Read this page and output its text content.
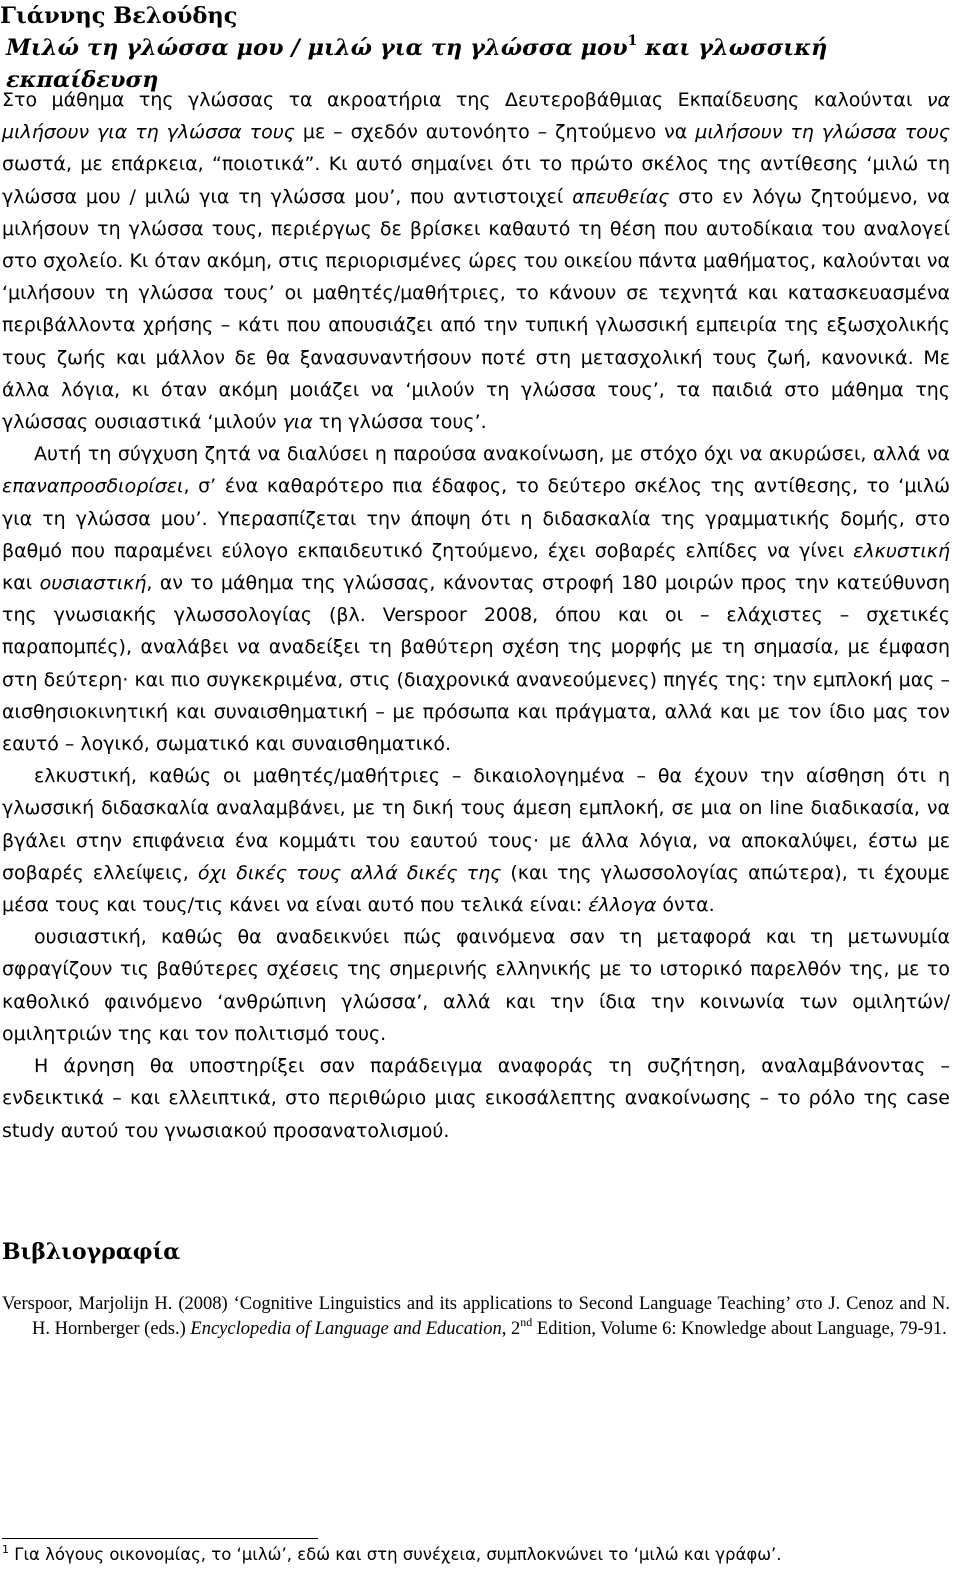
Γιάννης Βελούδης
Μιλώ τη γλώσσα μου / μιλώ για τη γλώσσα μου$^1$ και γλωσσική εκπαίδευση

Στο μάθημα της γλώσσας τα ακροατήρια της Δευτεροβάθμιας Εκπαίδευσης καλούνται να μιλήσουν για τη γλώσσα τους με – σχεδόν αυτονόητο – ζητούμενο να μιλήσουν τη γλώσσα τους σωστά, με επάρκεια, “ποιοτικά”. Κι αυτό σημαίνει ότι το πρώτο σκέλος της αντίθεσης ‘μιλώ τη γλώσσα μου / μιλώ για τη γλώσσα μου’, που αντιστοιχεί απευθείας στο εν λόγω ζητούμενο, να μιλήσουν τη γλώσσα τους, περιέργως δε βρίσκει καθαυτό τη θέση που αυτοδίκαια του αναλογεί στο σχολείο. Κι όταν ακόμη, στις περιορισμένες ώρες του οικείου πάντα μαθήματος, καλούνται να ‘μιλήσουν τη γλώσσα τους’ οι μαθητές/μαθήτριες, το κάνουν σε τεχνητά και κατασκευασμένα περιβάλλοντα χρήσης – κάτι που απουσιάζει από την τυπική γλωσσική εμπειρία της εξωσχολικής τους ζωής και μάλλον δε θα ξανασυναντήσουν ποτέ στη μετασχολική τους ζωή, κανονικά. Με άλλα λόγια, κι όταν ακόμη μοιάζει να ‘μιλούν τη γλώσσα τους’, τα παιδιά στο μάθημα της γλώσσας ουσιαστικά ‘μιλούν για τη γλώσσα τους’.

Αυτή τη σύγχυση ζητά να διαλύσει η παρούσα ανακοίνωση, με στόχο όχι να ακυρώσει, αλλά να επαναπροσδιορίσει, σ’ ένα καθαρότερο πια έδαφος, το δεύτερο σκέλος της αντίθεσης, το ‘μιλώ για τη γλώσσα μου’. Υπερασπίζεται την άποψη ότι η διδασκαλία της γραμματικής δομής, στο βαθμό που παραμένει εύλογο εκπαιδευτικό ζητούμενο, έχει σοβαρές ελπίδες να γίνει ελκυστική και ουσιαστική, αν το μάθημα της γλώσσας, κάνοντας στροφή 180 μοιρών προς την κατεύθυνση της γνωσιακής γλωσσολογίας (βλ. Verspoor 2008, όπου και οι – ελάχιστες – σχετικές παραπομπές), αναλάβει να αναδείξει τη βαθύτερη σχέση της μορφής με τη σημασία, με έμφαση στη δεύτερη· και πιο συγκεκριμένα, στις (διαχρονικά ανανεούμενες) πηγές της: την εμπλοκή μας – αισθησιοκινητική και συναισθηματική – με πρόσωπα και πράγματα, αλλά και με τον ίδιο μας τον εαυτό – λογικό, σωματικό και συναισθηματικό.

ελκυστική, καθώς οι μαθητές/μαθήτριες – δικαιολογημένα – θα έχουν την αίσθηση ότι η γλωσσική διδασκαλία αναλαμβάνει, με τη δική τους άμεση εμπλοκή, σε μια on line διαδικασία, να βγάλει στην επιφάνεια ένα κομμάτι του εαυτού τους· με άλλα λόγια, να αποκαλύψει, έστω με σοβαρές ελλείψεις, όχι δικές τους αλλά δικές της (και της γλωσσολογίας απώτερα), τι έχουμε μέσα τους και τους/τις κάνει να είναι αυτό που τελικά είναι: έλλογα όντα.

ουσιαστική, καθώς θα αναδεικνύει πώς φαινόμενα σαν τη μεταφορά και τη μετωνυμία σφραγίζουν τις βαθύτερες σχέσεις της σημερινής ελληνικής με το ιστορικό παρελθόν της, με το καθολικό φαινόμενο ‘ανθρώπινη γλώσσα’, αλλά και την ίδια την κοινωνία των ομιλητών/ομιλητριών της και τον πολιτισμό τους.

Η άρνηση θα υποστηρίξει σαν παράδειγμα αναφοράς τη συζήτηση, αναλαμβάνοντας – ενδεικτικά – και ελλειπτικά, στο περιθώριο μιας εικοσάλεπτης ανακοίνωσης – το ρόλο της case study αυτού του γνωσιακού προσανατολισμού.

Βιβλιογραφία
Verspoor, Marjolijn H. (2008) ‘Cognitive Linguistics and its applications to Second Language Teaching’ στο J. Cenoz and N. H. Hornberger (eds.) Encyclopedia of Language and Education, 2nd Edition, Volume 6: Knowledge about Language, 79-91.

$^1$ Για λόγους οικονομίας, το ‘μιλώ’, εδώ και στη συνέχεια, συμπλοκνώνει το ‘μιλώ και γράφω’.
